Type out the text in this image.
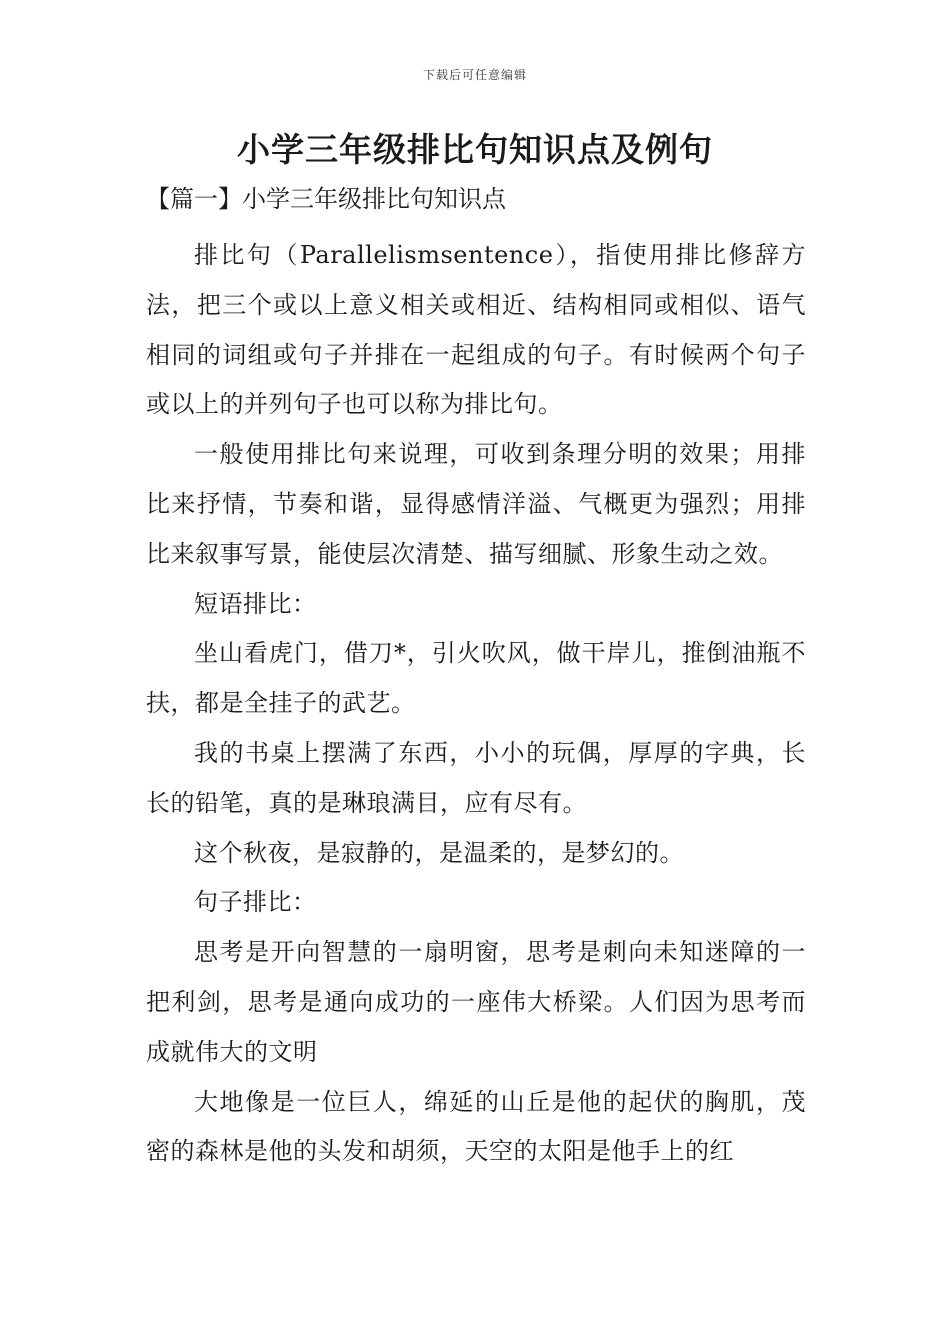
下载后可任意编辑
小学三年级排比句知识点及例句
【篇一】小学三年级排比句知识点

排比句（Parallelismsentence），指使用排比修辞方法，把三个或以上意义相关或相近、结构相同或相似、语气相同的词组或句子并排在一起组成的句子。有时候两个句子或以上的并列句子也可以称为排比句。

一般使用排比句来说理，可收到条理分明的效果；用排比来抒情，节奏和谐，显得感情洋溢、气概更为强烈；用排比来叙事写景，能使层次清楚、描写细腻、形象生动之效。

短语排比：

坐山看虎门，借刀*，引火吹风，做干岸儿，推倒油瓶不扶，都是全挂子的武艺。

我的书桌上摆满了东西，小小的玩偶，厚厚的字典，长长的铅笔，真的是琳琅满目，应有尽有。

这个秋夜，是寂静的，是温柔的，是梦幻的。

句子排比：

思考是开向智慧的一扇明窗，思考是刺向未知迷障的一把利剑，思考是通向成功的一座伟大桥梁。人们因为思考而成就伟大的文明

大地像是一位巨人，绵延的山丘是他的起伏的胸肌，茂密的森林是他的头发和胡须，天空的太阳是他手上的红
